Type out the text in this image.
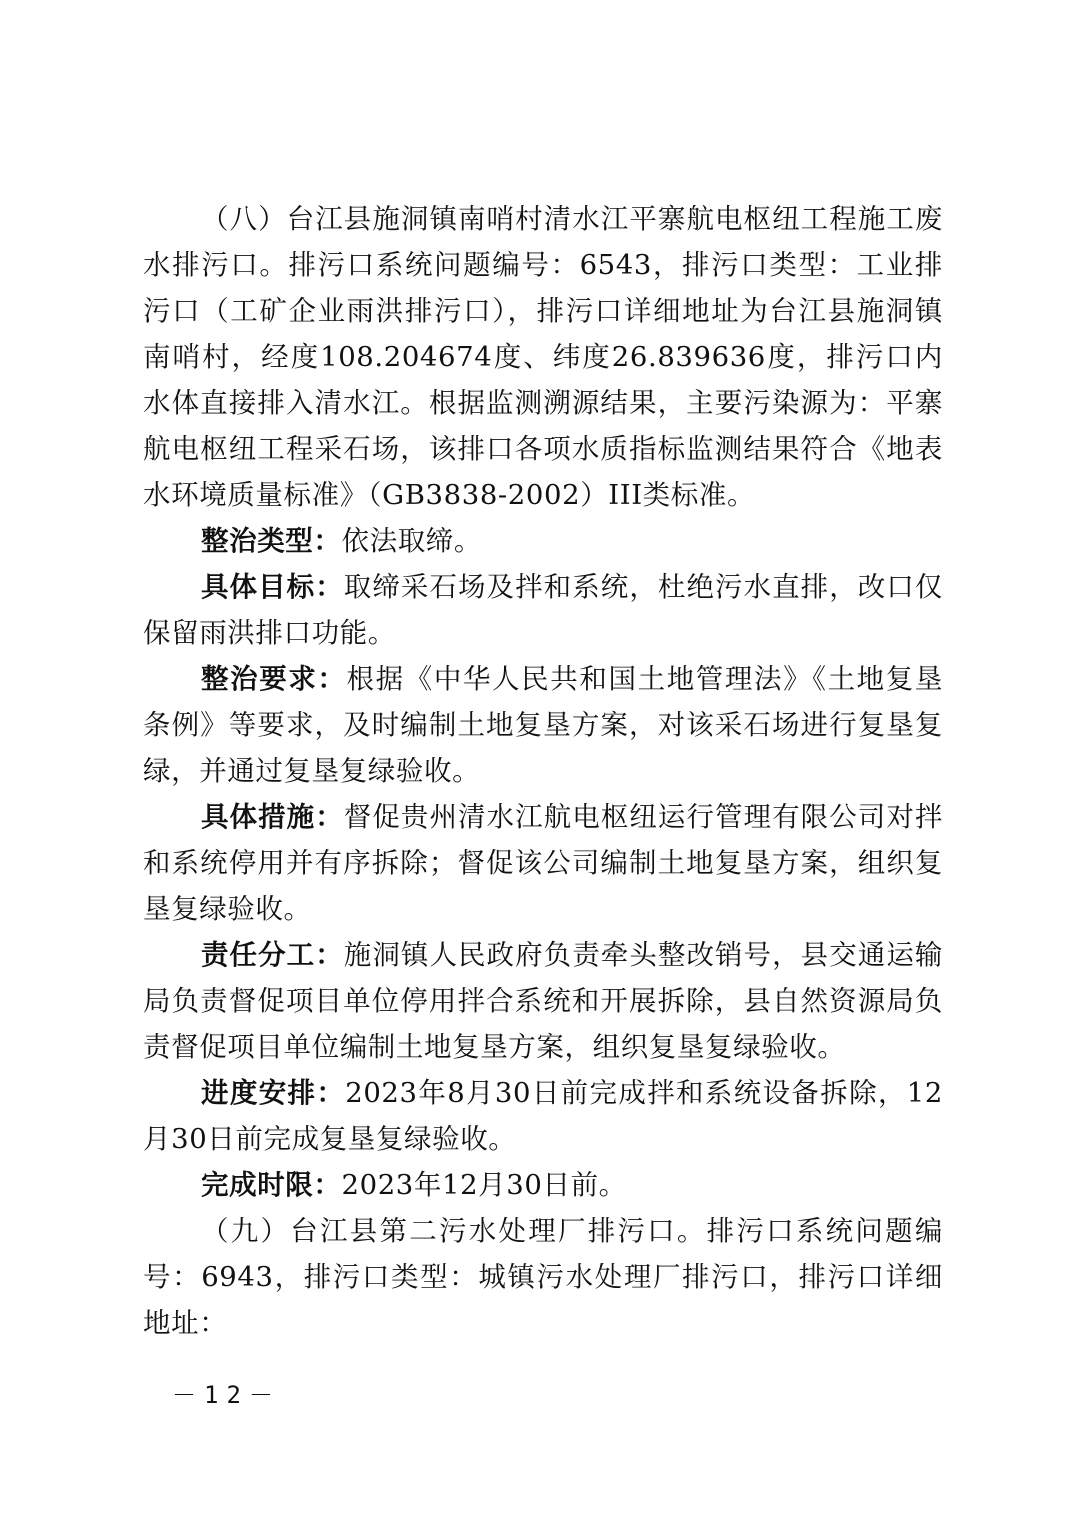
（八）台江县施洞镇南哨村清水江平寨航电枢纽工程施工废水排污口。排污口系统问题编号：6543，排污口类型：工业排污口（工矿企业雨洪排污口），排污口详细地址为台江县施洞镇南哨村，经度108.204674度、纬度26.839636度，排污口内水体直接排入清水江。根据监测溯源结果，主要污染源为：平寨航电枢纽工程采石场，该排口各项水质指标监测结果符合《地表水环境质量标准》（GB3838-2002）III类标准。

整治类型：依法取缔。

具体目标：取缔采石场及拌和系统，杜绝污水直排，改口仅保留雨洪排口功能。

整治要求：根据《中华人民共和国土地管理法》《土地复垦条例》等要求，及时编制土地复垦方案，对该采石场进行复垦复绿，并通过复垦复绿验收。

具体措施：督促贵州清水江航电枢纽运行管理有限公司对拌和系统停用并有序拆除；督促该公司编制土地复垦方案，组织复垦复绿验收。

责任分工：施洞镇人民政府负责牵头整改销号，县交通运输局负责督促项目单位停用拌合系统和开展拆除，县自然资源局负责督促项目单位编制土地复垦方案，组织复垦复绿验收。

进度安排：2023年8月30日前完成拌和系统设备拆除，12月30日前完成复垦复绿验收。

完成时限：2023年12月30日前。

（九）台江县第二污水处理厂排污口。排污口系统问题编号：6943，排污口类型：城镇污水处理厂排污口，排污口详细地址：

－12－
